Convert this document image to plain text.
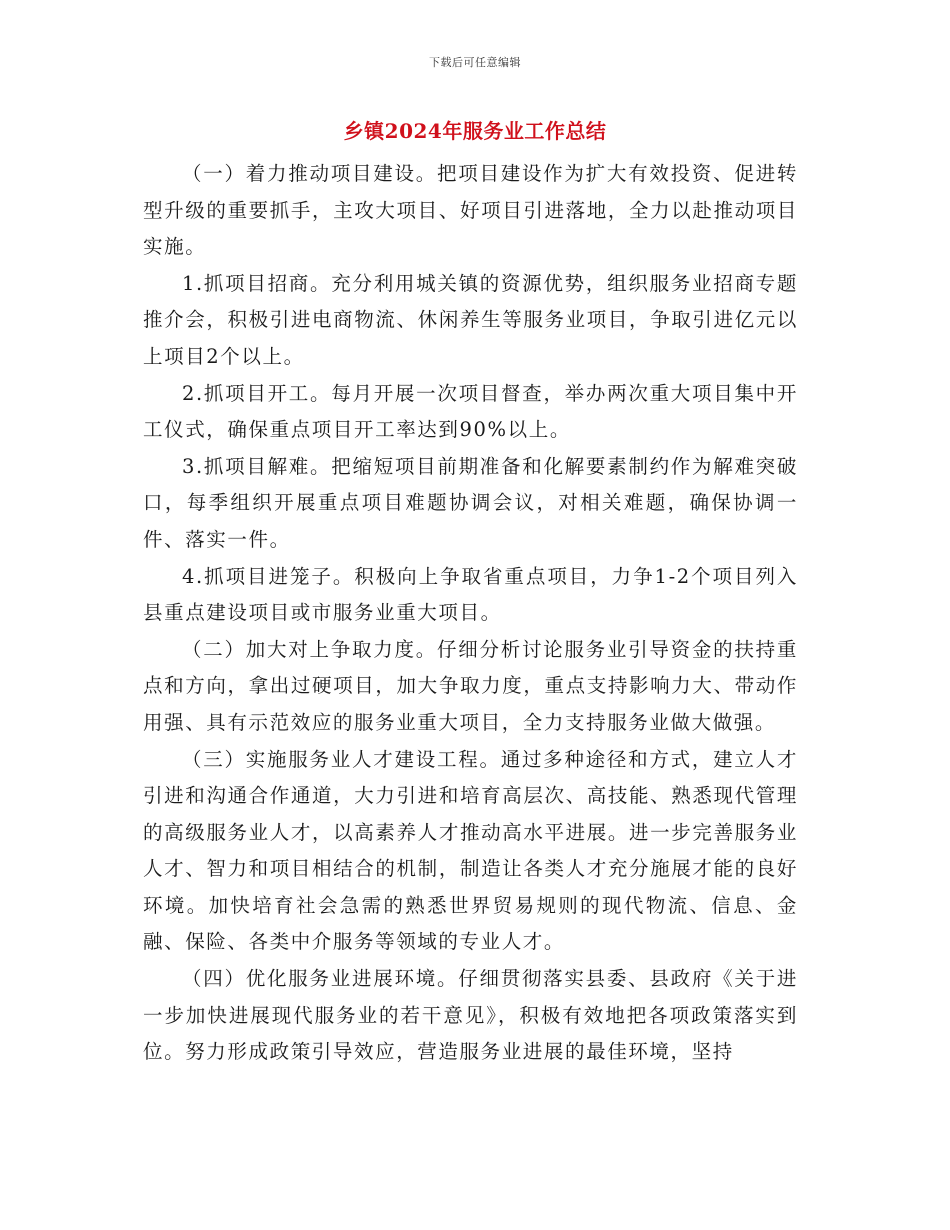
下载后可任意编辑
乡镇2024年服务业工作总结

（一）着力推动项目建设。把项目建设作为扩大有效投资、促进转型升级的重要抓手，主攻大项目、好项目引进落地，全力以赴推动项目实施。

1.抓项目招商。充分利用城关镇的资源优势，组织服务业招商专题推介会，积极引进电商物流、休闲养生等服务业项目，争取引进亿元以上项目2个以上。

2.抓项目开工。每月开展一次项目督查，举办两次重大项目集中开工仪式，确保重点项目开工率达到90%以上。

3.抓项目解难。把缩短项目前期准备和化解要素制约作为解难突破口，每季组织开展重点项目难题协调会议，对相关难题，确保协调一件、落实一件。

4.抓项目进笼子。积极向上争取省重点项目，力争1-2个项目列入县重点建设项目或市服务业重大项目。

（二）加大对上争取力度。仔细分析讨论服务业引导资金的扶持重点和方向，拿出过硬项目，加大争取力度，重点支持影响力大、带动作用强、具有示范效应的服务业重大项目，全力支持服务业做大做强。

（三）实施服务业人才建设工程。通过多种途径和方式，建立人才引进和沟通合作通道，大力引进和培育高层次、高技能、熟悉现代管理的高级服务业人才，以高素养人才推动高水平进展。进一步完善服务业人才、智力和项目相结合的机制，制造让各类人才充分施展才能的良好环境。加快培育社会急需的熟悉世界贸易规则的现代物流、信息、金融、保险、各类中介服务等领域的专业人才。

（四）优化服务业进展环境。仔细贯彻落实县委、县政府《关于进一步加快进展现代服务业的若干意见》，积极有效地把各项政策落实到位。努力形成政策引导效应，营造服务业进展的最佳环境，坚持
